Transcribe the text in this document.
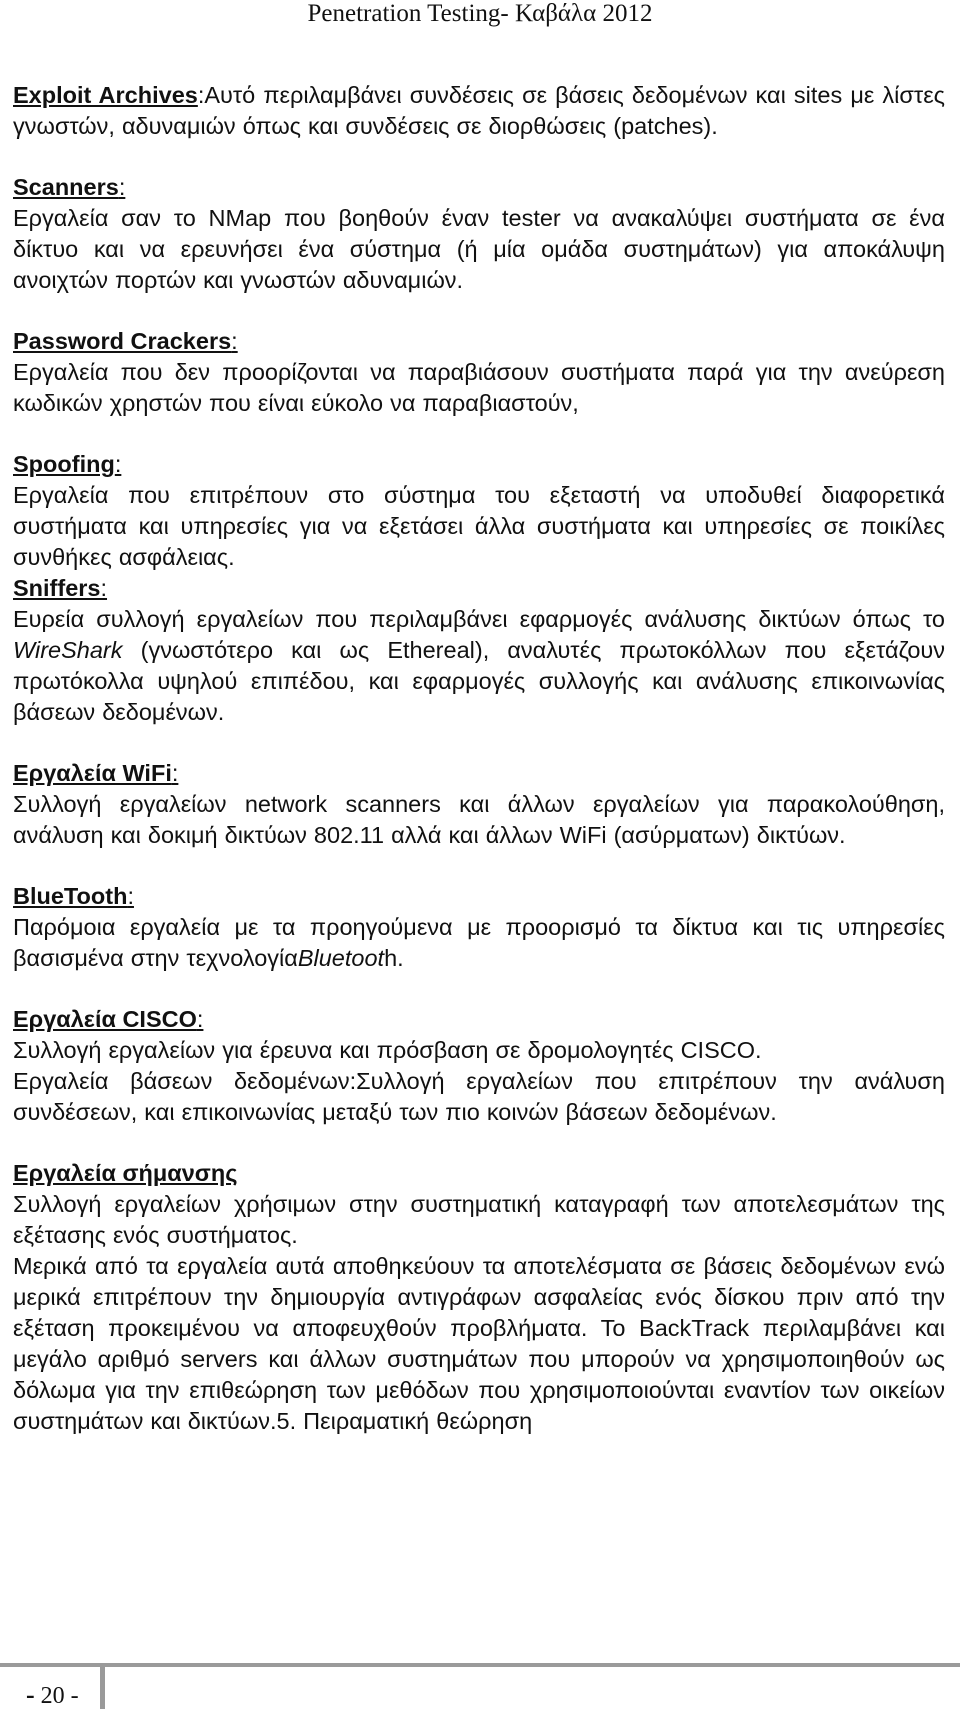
Penetration Testing- Καβάλα 2012

Exploit Archives:Αυτό περιλαμβάνει συνδέσεις σε βάσεις δεδομένων και sites με λίστες γνωστών, αδυναμιών όπως και συνδέσεις σε διορθώσεις (patches).

Scanners:

Εργαλεία σαν το NMap που βοηθούν έναν tester να ανακαλύψει συστήματα σε ένα δίκτυο και να ερευνήσει ένα σύστημα (ή μία ομάδα συστημάτων) για αποκάλυψη ανοιχτών πορτών και γνωστών αδυναμιών.

Password Crackers:

Εργαλεία που δεν προορίζονται να παραβιάσουν συστήματα παρά για την ανεύρεση κωδικών χρηστών που είναι εύκολο να παραβιαστούν,

Spoofing:

Εργαλεία που επιτρέπουν στο σύστημα του εξεταστή να υποδυθεί διαφορετικά συστήματα και υπηρεσίες για να εξετάσει άλλα συστήματα και υπηρεσίες σε ποικίλες συνθήκες ασφάλειας.

Sniffers:

Ευρεία συλλογή εργαλείων που περιλαμβάνει εφαρμογές ανάλυσης δικτύων όπως το WireShark (γνωστότερο και ως Ethereal), αναλυτές πρωτοκόλλων που εξετάζουν πρωτόκολλα υψηλού επιπέδου, και εφαρμογές συλλογής και ανάλυσης επικοινωνίας βάσεων δεδομένων.

Εργαλεία WiFi:

Συλλογή εργαλείων network scanners και άλλων εργαλείων για παρακολούθηση, ανάλυση και δοκιμή δικτύων 802.11 αλλά και άλλων WiFi (ασύρματων) δικτύων.

BlueTooth:

Παρόμοια εργαλεία με τα προηγούμενα με προορισμό τα δίκτυα και τις υπηρεσίες βασισμένα στην τεχνολογίαBluetooth.

Εργαλεία CISCO:

Συλλογή εργαλείων για έρευνα και πρόσβαση σε δρομολογητές CISCO.

Εργαλεία βάσεων δεδομένων:Συλλογή εργαλείων που επιτρέπουν την ανάλυση συνδέσεων, και επικοινωνίας μεταξύ των πιο κοινών βάσεων δεδομένων.

Εργαλεία σήμανσης

Συλλογή εργαλείων χρήσιμων στην συστηματική καταγραφή των αποτελεσμάτων της εξέτασης ενός συστήματος.

Μερικά από τα εργαλεία αυτά αποθηκεύουν τα αποτελέσματα σε βάσεις δεδομένων ενώ μερικά επιτρέπουν την δημιουργία αντιγράφων ασφαλείας ενός δίσκου πριν από την εξέταση προκειμένου να αποφευχθούν προβλήματα. Το BackTrack περιλαμβάνει και μεγάλο αριθμό servers και άλλων συστημάτων που μπορούν να χρησιμοποιηθούν ως δόλωμα για την επιθεώρηση των μεθόδων που χρησιμοποιούνται εναντίον των οικείων συστημάτων και δικτύων.5. Πειραματική θεώρηση

- 20 -
